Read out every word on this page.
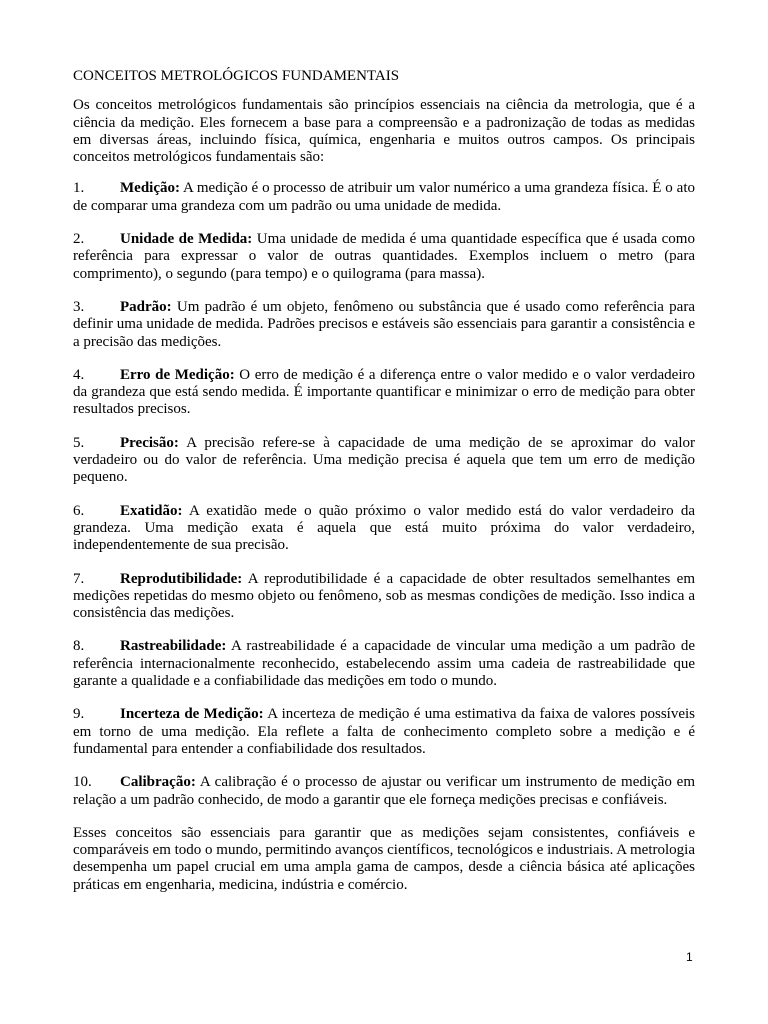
CONCEITOS METROLÓGICOS FUNDAMENTAIS

Os conceitos metrológicos fundamentais são princípios essenciais na ciência da metrologia, que é a ciência da medição. Eles fornecem a base para a compreensão e a padronização de todas as medidas em diversas áreas, incluindo física, química, engenharia e muitos outros campos. Os principais conceitos metrológicos fundamentais são:

1. Medição: A medição é o processo de atribuir um valor numérico a uma grandeza física. É o ato de comparar uma grandeza com um padrão ou uma unidade de medida.

2. Unidade de Medida: Uma unidade de medida é uma quantidade específica que é usada como referência para expressar o valor de outras quantidades. Exemplos incluem o metro (para comprimento), o segundo (para tempo) e o quilograma (para massa).

3. Padrão: Um padrão é um objeto, fenômeno ou substância que é usado como referência para definir uma unidade de medida. Padrões precisos e estáveis são essenciais para garantir a consistência e a precisão das medições.

4. Erro de Medição: O erro de medição é a diferença entre o valor medido e o valor verdadeiro da grandeza que está sendo medida. É importante quantificar e minimizar o erro de medição para obter resultados precisos.

5. Precisão: A precisão refere-se à capacidade de uma medição de se aproximar do valor verdadeiro ou do valor de referência. Uma medição precisa é aquela que tem um erro de medição pequeno.

6. Exatidão: A exatidão mede o quão próximo o valor medido está do valor verdadeiro da grandeza. Uma medição exata é aquela que está muito próxima do valor verdadeiro, independentemente de sua precisão.

7. Reprodutibilidade: A reprodutibilidade é a capacidade de obter resultados semelhantes em medições repetidas do mesmo objeto ou fenômeno, sob as mesmas condições de medição. Isso indica a consistência das medições.

8. Rastreabilidade: A rastreabilidade é a capacidade de vincular uma medição a um padrão de referência internacionalmente reconhecido, estabelecendo assim uma cadeia de rastreabilidade que garante a qualidade e a confiabilidade das medições em todo o mundo.

9. Incerteza de Medição: A incerteza de medição é uma estimativa da faixa de valores possíveis em torno de uma medição. Ela reflete a falta de conhecimento completo sobre a medição e é fundamental para entender a confiabilidade dos resultados.

10. Calibração: A calibração é o processo de ajustar ou verificar um instrumento de medição em relação a um padrão conhecido, de modo a garantir que ele forneça medições precisas e confiáveis.

Esses conceitos são essenciais para garantir que as medições sejam consistentes, confiáveis e comparáveis em todo o mundo, permitindo avanços científicos, tecnológicos e industriais. A metrologia desempenha um papel crucial em uma ampla gama de campos, desde a ciência básica até aplicações práticas em engenharia, medicina, indústria e comércio.

1
